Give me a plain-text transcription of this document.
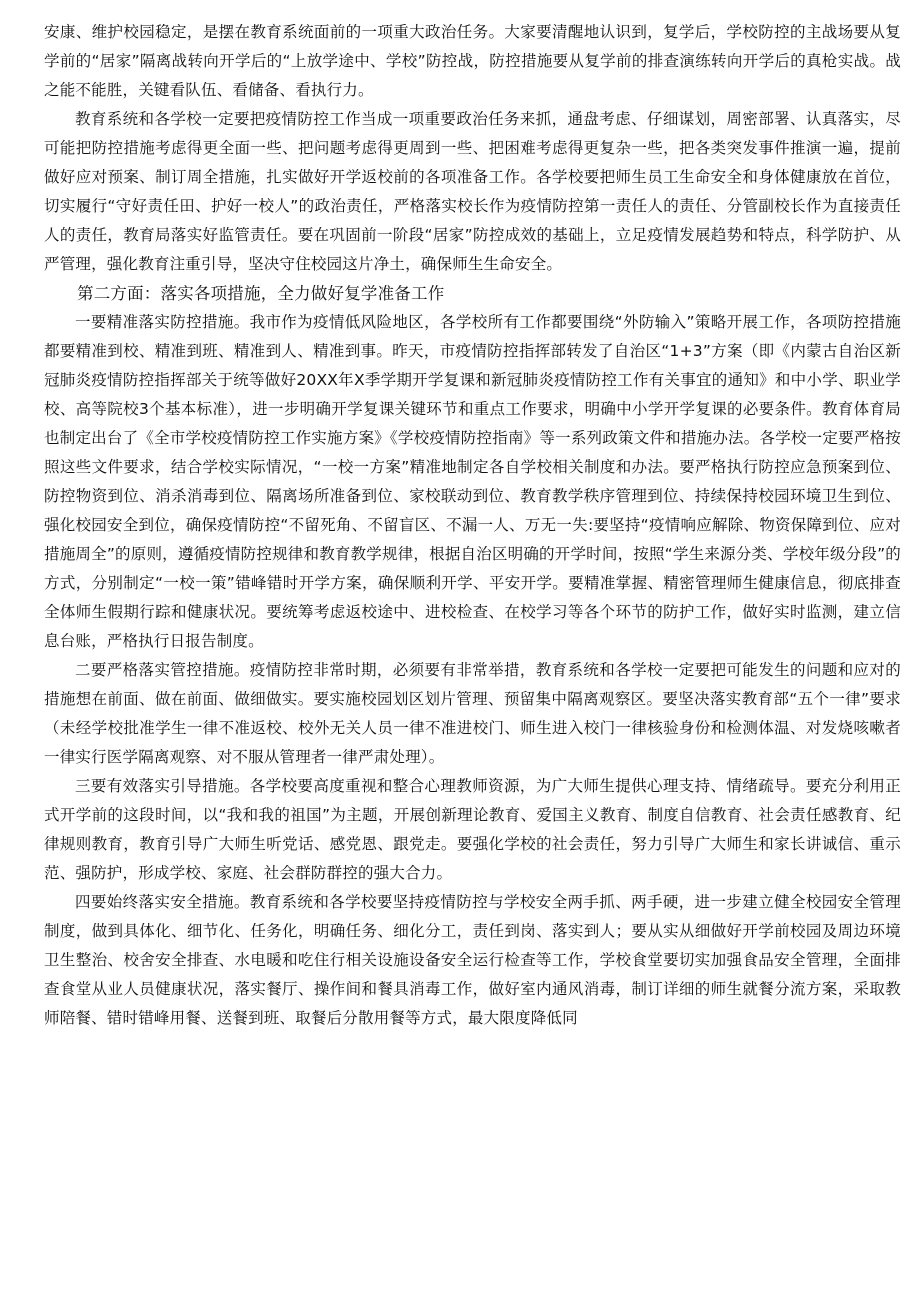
安康、维护校园稳定，是摆在教育系统面前的一项重大政治任务。大家要清醒地认识到，复学后，学校防控的主战场要从复学前的“居家”隔离战转向开学后的“上放学途中、学校”防控战，防控措施要从复学前的排查演练转向开学后的真枪实战。战之能不能胜，关键看队伍、看储备、看执行力。

教育系统和各学校一定要把疫情防控工作当成一项重要政治任务来抓，通盘考虑、仔细谋划，周密部署、认真落实，尽可能把防控措施考虑得更全面一些、把问题考虑得更周到一些、把困难考虑得更复杂一些，把各类突发事件推演一遍，提前做好应对预案、制订周全措施，扎实做好开学返校前的各项准备工作。各学校要把师生员工生命安全和身体健康放在首位，切实履行“守好责任田、护好一校人”的政治责任，严格落实校长作为疫情防控第一责任人的责任、分管副校长作为直接责任人的责任，教育局落实好监管责任。要在巩固前一阶段“居家”防控成效的基础上，立足疫情发展趋势和特点，科学防护、从严管理，强化教育注重引导，坚决守住校园这片净土，确保师生生命安全。

第二方面：落实各项措施，全力做好复学准备工作

一要精准落实防控措施。我市作为疫情低风险地区，各学校所有工作都要围绕“外防输入”策略开展工作，各项防控措施都要精准到校、精准到班、精准到人、精准到事。昨天，市疫情防控指挥部转发了自治区“1+3”方案（即《内蒙古自治区新冠肺炎疫情防控指挥部关于统等做好20XX年X季学期开学复课和新冠肺炎疫情防控工作有关事宜的通知》和中小学、职业学校、高等院校3个基本标准），进一步明确开学复课关键环节和重点工作要求，明确中小学开学复课的必要条件。教育体育局也制定出台了《全市学校疫情防控工作实施方案》《学校疫情防控指南》等一系列政策文件和措施办法。各学校一定要严格按照这些文件要求，结合学校实际情况，“一校一方案”精准地制定各自学校相关制度和办法。要严格执行防控应急预案到位、防控物资到位、消杀消毒到位、隔离场所准备到位、家校联动到位、教育教学秩序管理到位、持续保持校园环境卫生到位、强化校园安全到位，确保疫情防控“不留死角、不留盲区、不漏一人、万无一失:要坚持“疫情响应解除、物资保障到位、应对措施周全”的原则，遵循疫情防控规律和教育教学规律，根据自治区明确的开学时间，按照“学生来源分类、学校年级分段”的方式，分别制定“一校一策”错峰错时开学方案，确保顺利开学、平安开学。要精准掌握、精密管理师生健康信息，彻底排查全体师生假期行踪和健康状况。要统筹考虑返校途中、进校检查、在校学习等各个环节的防护工作，做好实时监测，建立信息台账，严格执行日报告制度。

二要严格落实管控措施。疫情防控非常时期，必须要有非常举措，教育系统和各学校一定要把可能发生的问题和应对的措施想在前面、做在前面、做细做实。要实施校园划区划片管理、预留集中隔离观察区。要坚决落实教育部“五个一律”要求（未经学校批准学生一律不准返校、校外无关人员一律不准进校门、师生进入校门一律核验身份和检测体温、对发烧咳嗽者一律实行医学隔离观察、对不服从管理者一律严肃处理）。

三要有效落实引导措施。各学校要高度重视和整合心理教师资源，为广大师生提供心理支持、情绪疏导。要充分利用正式开学前的这段时间，以“我和我的祖国”为主题，开展创新理论教育、爱国主义教育、制度自信教育、社会责任感教育、纪律规则教育，教育引导广大师生听党话、感党恩、跟党走。要强化学校的社会责任，努力引导广大师生和家长讲诚信、重示范、强防护，形成学校、家庭、社会群防群控的强大合力。

四要始终落实安全措施。教育系统和各学校要坚持疫情防控与学校安全两手抓、两手硬，进一步建立健全校园安全管理制度，做到具体化、细节化、任务化，明确任务、细化分工，责任到岗、落实到人；要从实从细做好开学前校园及周边环境卫生整治、校舍安全排查、水电暖和吃住行相关设施设备安全运行检查等工作，学校食堂要切实加强食品安全管理，全面排查食堂从业人员健康状况，落实餐厅、操作间和餐具消毒工作，做好室内通风消毒，制订详细的师生就餐分流方案，采取教师陪餐、错时错峰用餐、送餐到班、取餐后分散用餐等方式，最大限度降低同
